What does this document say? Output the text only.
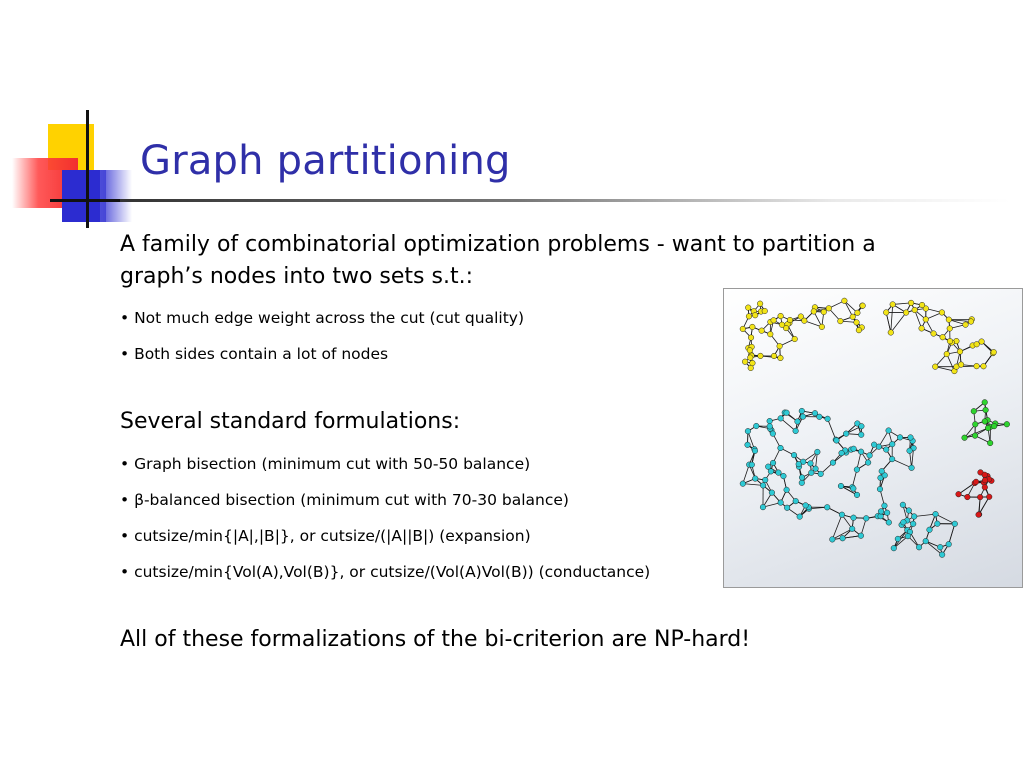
Graph partitioning
A family of combinatorial optimization problems - want to partition a graph’s nodes into two sets s.t.:
• Not much edge weight across the cut (cut quality)
• Both sides contain a lot of nodes
Several standard formulations:
• Graph bisection (minimum cut with 50-50 balance)
• β-balanced bisection (minimum cut with 70-30 balance)
• cutsize/min{|A|,|B|}, or cutsize/(|A||B|) (expansion)
• cutsize/min{Vol(A),Vol(B)}, or cutsize/(Vol(A)Vol(B)) (conductance)
All of these formalizations of the bi-criterion are NP-hard!
